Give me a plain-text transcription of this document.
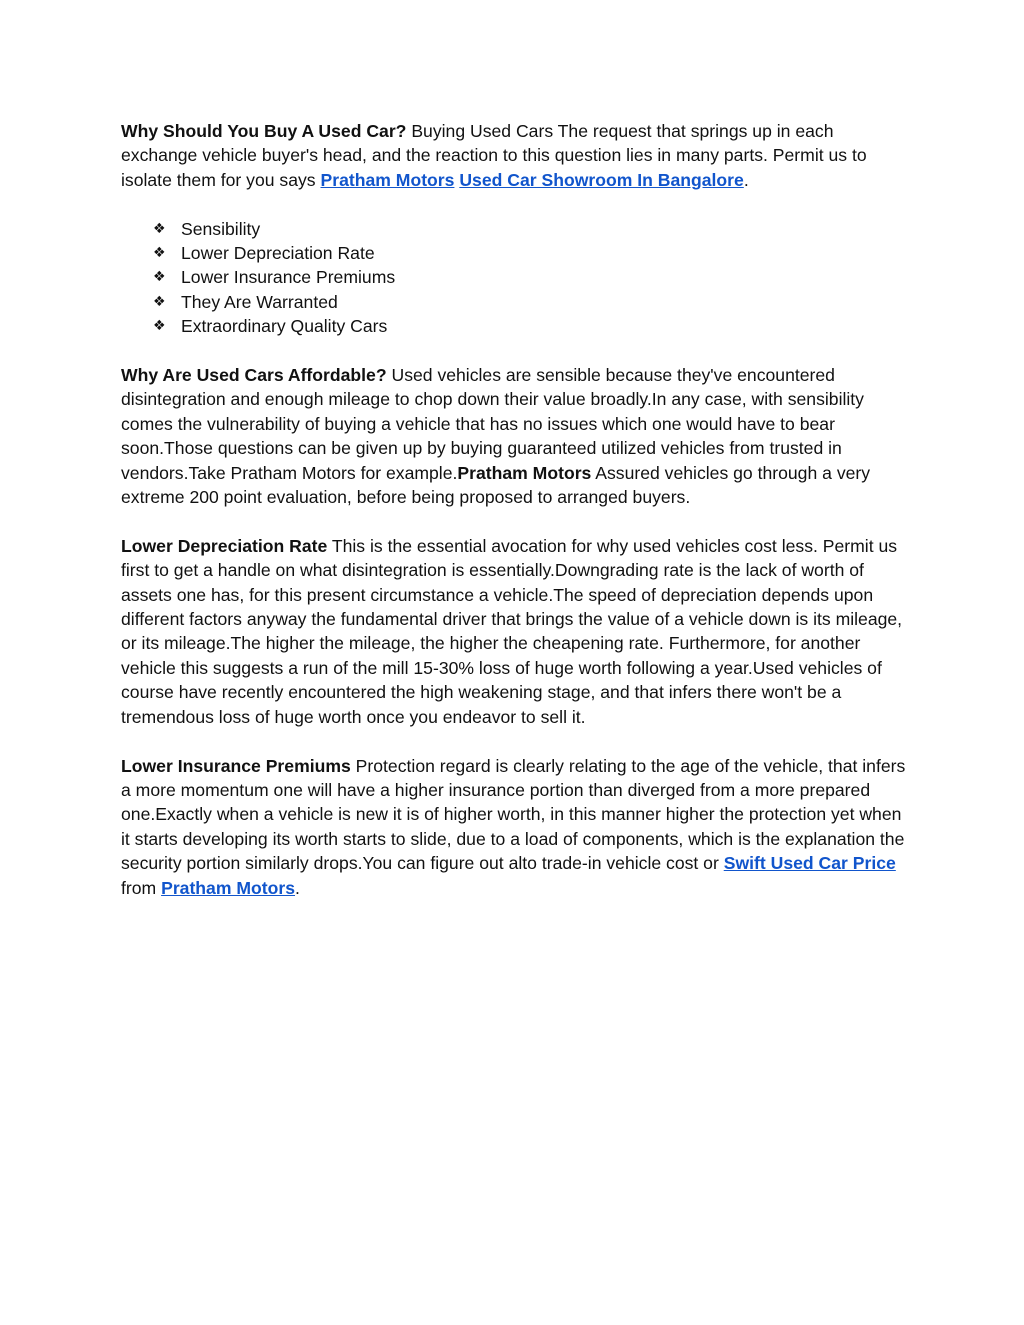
Why Should You Buy A Used Car? Buying Used Cars The request that springs up in each exchange vehicle buyer's head, and the reaction to this question lies in many parts. Permit us to isolate them for you says Pratham Motors Used Car Showroom In Bangalore.

❖ Sensibility
❖ Lower Depreciation Rate
❖ Lower Insurance Premiums
❖ They Are Warranted
❖ Extraordinary Quality Cars

Why Are Used Cars Affordable? Used vehicles are sensible because they've encountered disintegration and enough mileage to chop down their value broadly.In any case, with sensibility comes the vulnerability of buying a vehicle that has no issues which one would have to bear soon.Those questions can be given up by buying guaranteed utilized vehicles from trusted in vendors.Take Pratham Motors for example.Pratham Motors Assured vehicles go through a very extreme 200 point evaluation, before being proposed to arranged buyers.

Lower Depreciation Rate This is the essential avocation for why used vehicles cost less. Permit us first to get a handle on what disintegration is essentially.Downgrading rate is the lack of worth of assets one has, for this present circumstance a vehicle.The speed of depreciation depends upon different factors anyway the fundamental driver that brings the value of a vehicle down is its mileage, or its mileage.The higher the mileage, the higher the cheapening rate. Furthermore, for another vehicle this suggests a run of the mill 15-30% loss of huge worth following a year.Used vehicles of course have recently encountered the high weakening stage, and that infers there won't be a tremendous loss of huge worth once you endeavor to sell it.

Lower Insurance Premiums Protection regard is clearly relating to the age of the vehicle, that infers a more momentum one will have a higher insurance portion than diverged from a more prepared one.Exactly when a vehicle is new it is of higher worth, in this manner higher the protection yet when it starts developing its worth starts to slide, due to a load of components, which is the explanation the security portion similarly drops.You can figure out alto trade-in vehicle cost or Swift Used Car Price from Pratham Motors.
